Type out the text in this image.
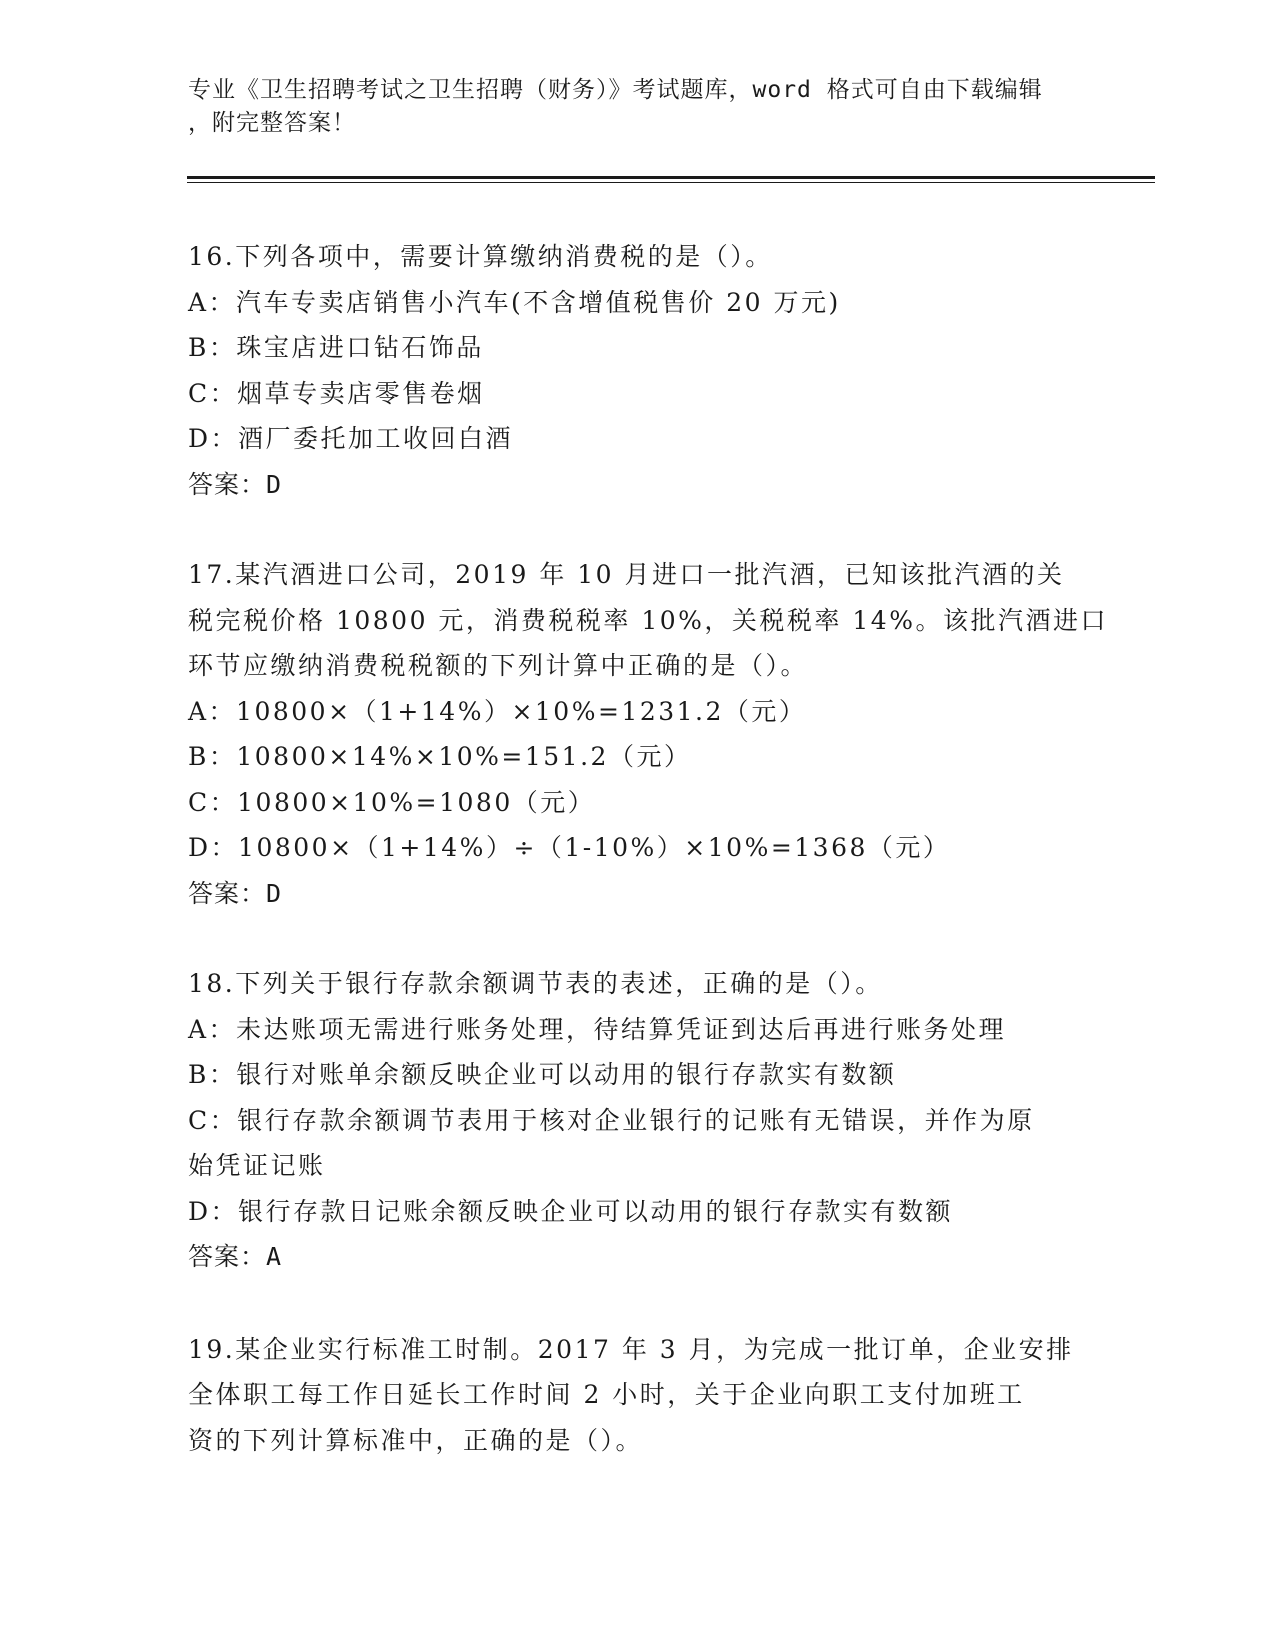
专业《卫生招聘考试之卫生招聘（财务）》考试题库，word 格式可自由下载编辑
，附完整答案！
16.下列各项中，需要计算缴纳消费税的是（）。
A：汽车专卖店销售小汽车(不含增值税售价 20 万元)
B：珠宝店进口钻石饰品
C：烟草专卖店零售卷烟
D：酒厂委托加工收回白酒
答案：D
17.某汽酒进口公司，2019 年 10 月进口一批汽酒，已知该批汽酒的关
税完税价格 10800 元，消费税税率 10%，关税税率 14%。该批汽酒进口
环节应缴纳消费税税额的下列计算中正确的是（）。
A：10800×（1+14%）×10%=1231.2（元）
B：10800×14%×10%=151.2（元）
C：10800×10%=1080（元）
D：10800×（1+14%）÷（1-10%）×10%=1368（元）
答案：D
18.下列关于银行存款余额调节表的表述，正确的是（）。
A：未达账项无需进行账务处理，待结算凭证到达后再进行账务处理
B：银行对账单余额反映企业可以动用的银行存款实有数额
C：银行存款余额调节表用于核对企业银行的记账有无错误，并作为原
始凭证记账
D：银行存款日记账余额反映企业可以动用的银行存款实有数额
答案：A
19.某企业实行标准工时制。2017 年 3 月，为完成一批订单，企业安排
全体职工每工作日延长工作时间 2 小时，关于企业向职工支付加班工
资的下列计算标准中，正确的是（）。
